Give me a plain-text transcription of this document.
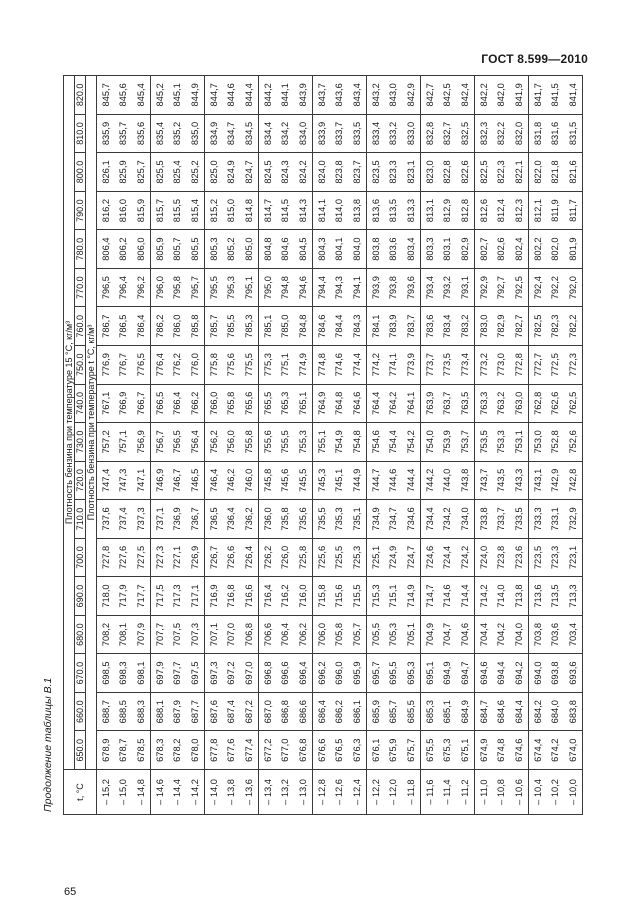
ГОСТ 8.599—2010
Продолжение таблицы В.1 t, °C	Плотность бензина при температуре 15 °C, кг/м³																	
	650.0	660.0	670.0	680.0	690.0	700.0	710.0	720.0	730.0	740.0	750.0	760.0	770.0	780.0	790.0	800.0	810.0	820.0
	Плотность бензина при температуре t °C, кг/м³																	
– 15,2	678,9	688,7	698,5	708,2	718,0	727,8	737,6	747,4	757,2	767,1	776,9	786,7	796,5	806,4	816,2	826,1	835,9	845,7
– 15,0	678,7	688,5	698,3	708,1	717,9	727,6	737,4	747,3	757,1	766,9	776,7	786,5	796,4	806,2	816,0	825,9	835,7	845,6
– 14,8	678,5	688,3	698,1	707,9	717,7	727,5	737,3	747,1	756,9	766,7	776,5	786,4	796,2	806,0	815,9	825,7	835,6	845,4
– 14,6	678,3	688,1	697,9	707,7	717,5	727,3	737,1	746,9	756,7	766,5	776,4	786,2	796,0	805,9	815,7	825,5	835,4	845,2
– 14,4	678,2	687,9	697,7	707,5	717,3	727,1	736,9	746,7	756,5	766,4	776,2	786,0	795,8	805,7	815,5	825,4	835,2	845,1
– 14,2	678,0	687,7	697,5	707,3	717,1	726,9	736,7	746,5	756,4	766,2	776,0	785,8	795,7	805,5	815,4	825,2	835,0	844,9
– 14,0	677,8	687,6	697,3	707,1	716,9	726,7	736,5	746,4	756,2	766,0	775,8	785,7	795,5	805,3	815,2	825,0	834,9	844,7
– 13,8	677,6	687,4	697,2	707,0	716,8	726,6	736,4	746,2	756,0	765,8	775,6	785,5	795,3	805,2	815,0	824,9	834,7	844,6
– 13,6	677,4	687,2	697,0	706,8	716,6	726,4	736,2	746,0	755,8	765,6	775,5	785,3	795,1	805,0	814,8	824,7	834,5	844,4
– 13,4	677,2	687,0	696,8	706,6	716,4	726,2	736,0	745,8	755,6	765,5	775,3	785,1	795,0	804,8	814,7	824,5	834,4	844,2
– 13,2	677,0	686,8	696,6	706,4	716,2	726,0	735,8	745,6	755,5	765,3	775,1	785,0	794,8	804,6	814,5	824,3	834,2	844,1
– 13,0	676,8	686,6	696,4	706,2	716,0	725,8	735,6	745,5	755,3	765,1	774,9	784,8	794,6	804,5	814,3	824,2	834,0	843,9
– 12,8	676,6	686,4	696,2	706,0	715,8	725,6	735,5	745,3	755,1	764,9	774,8	784,6	794,4	804,3	814,1	824,0	833,9	843,7
– 12,6	676,5	686,2	696,0	705,8	715,6	725,5	735,3	745,1	754,9	764,8	774,6	784,4	794,3	804,1	814,0	823,8	833,7	843,6
– 12,4	676,3	686,1	695,9	705,7	715,5	725,3	735,1	744,9	754,8	764,6	774,4	784,3	794,1	804,0	813,8	823,7	833,5	843,4
– 12,2	676,1	685,9	695,7	705,5	715,3	725,1	734,9	744,7	754,6	764,4	774,2	784,1	793,9	803,8	813,6	823,5	833,4	843,2
– 12,0	675,9	685,7	695,5	705,3	715,1	724,9	734,7	744,6	754,4	764,2	774,1	783,9	793,8	803,6	813,5	823,3	833,2	843,0
– 11,8	675,7	685,5	695,3	705,1	714,9	724,7	734,6	744,4	754,2	764,1	773,9	783,7	793,6	803,4	813,3	823,1	833,0	842,9
– 11,6	675,5	685,3	695,1	704,9	714,7	724,6	734,4	744,2	754,0	763,9	773,7	783,6	793,4	803,3	813,1	823,0	832,8	842,7
– 11,4	675,3	685,1	694,9	704,7	714,6	724,4	734,2	744,0	753,9	763,7	773,5	783,4	793,2	803,1	812,9	822,8	832,7	842,5
– 11,2	675,1	684,9	694,7	704,6	714,4	724,2	734,0	743,8	753,7	763,5	773,4	783,2	793,1	802,9	812,8	822,6	832,5	842,4
– 11,0	674,9	684,7	694,6	704,4	714,2	724,0	733,8	743,7	753,5	763,3	773,2	783,0	792,9	802,7	812,6	822,5	832,3	842,2
– 10,8	674,8	684,6	694,4	704,2	714,0	723,8	733,7	743,5	753,3	763,2	773,0	782,9	792,7	802,6	812,4	822,3	832,2	842,0
– 10,6	674,6	684,4	694,2	704,0	713,8	723,6	733,5	743,3	753,1	763,0	772,8	782,7	792,5	802,4	812,3	822,1	832,0	841,9
– 10,4	674,4	684,2	694,0	703,8	713,6	723,5	733,3	743,1	753,0	762,8	772,7	782,5	792,4	802,2	812,1	822,0	831,8	841,7
– 10,2	674,2	684,0	693,8	703,6	713,5	723,3	733,1	742,9	752,8	762,6	772,5	782,3	792,2	802,0	811,9	821,8	831,6	841,5
– 10,0	674,0	683,8	693,6	703,4	713,3	723,1	732,9	742,8	752,6	762,5	772,3	782,2	792,0	801,9	811,7	821,6	831,5	841,4
65
